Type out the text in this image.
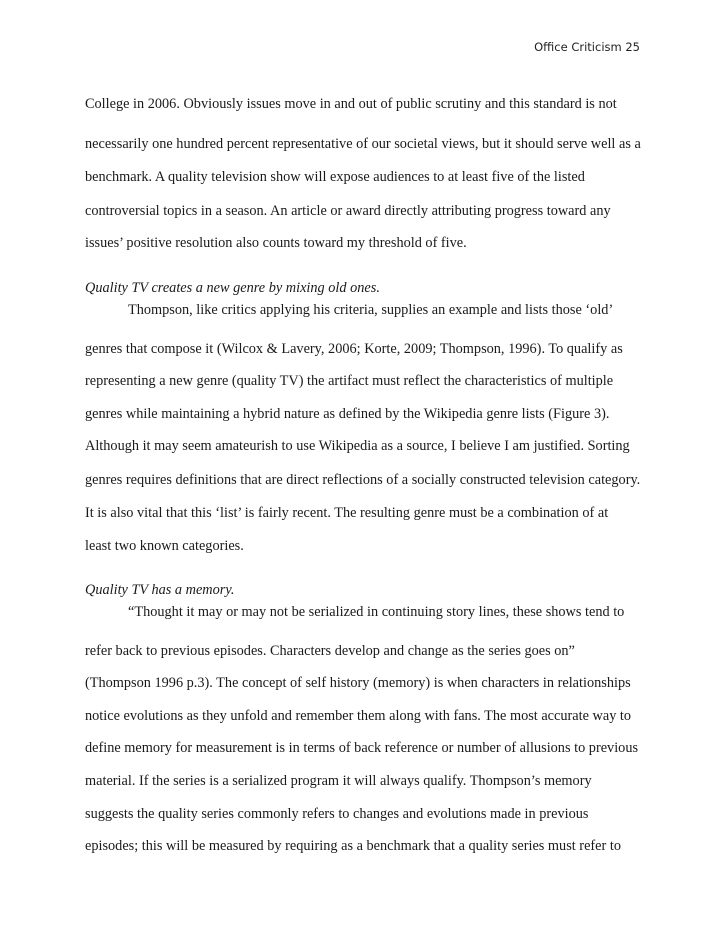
Office Criticism 25
College in 2006. Obviously issues move in and out of public scrutiny and this standard is not
necessarily one hundred percent representative of our societal views, but it should serve well as a
benchmark. A quality television show will expose audiences to at least five of the listed
controversial topics in a season. An article or award directly attributing progress toward any
issues’ positive resolution also counts toward my threshold of five.
Quality TV creates a new genre by mixing old ones.
Thompson, like critics applying his criteria, supplies an example and lists those ‘old’
genres that compose it (Wilcox & Lavery, 2006; Korte, 2009; Thompson, 1996). To qualify as
representing a new genre (quality TV) the artifact must reflect the characteristics of multiple
genres while maintaining a hybrid nature as defined by the Wikipedia genre lists (Figure 3).
Although it may seem amateurish to use Wikipedia as a source, I believe I am justified. Sorting
genres requires definitions that are direct reflections of a socially constructed television category.
It is also vital that this ‘list’ is fairly recent. The resulting genre must be a combination of at
least two known categories.
Quality TV has a memory.
“Thought it may or may not be serialized in continuing story lines, these shows tend to
refer back to previous episodes. Characters develop and change as the series goes on”
(Thompson 1996 p.3). The concept of self history (memory) is when characters in relationships
notice evolutions as they unfold and remember them along with fans. The most accurate way to
define memory for measurement is in terms of back reference or number of allusions to previous
material. If the series is a serialized program it will always qualify. Thompson’s memory
suggests the quality series commonly refers to changes and evolutions made in previous
episodes; this will be measured by requiring as a benchmark that a quality series must refer to
